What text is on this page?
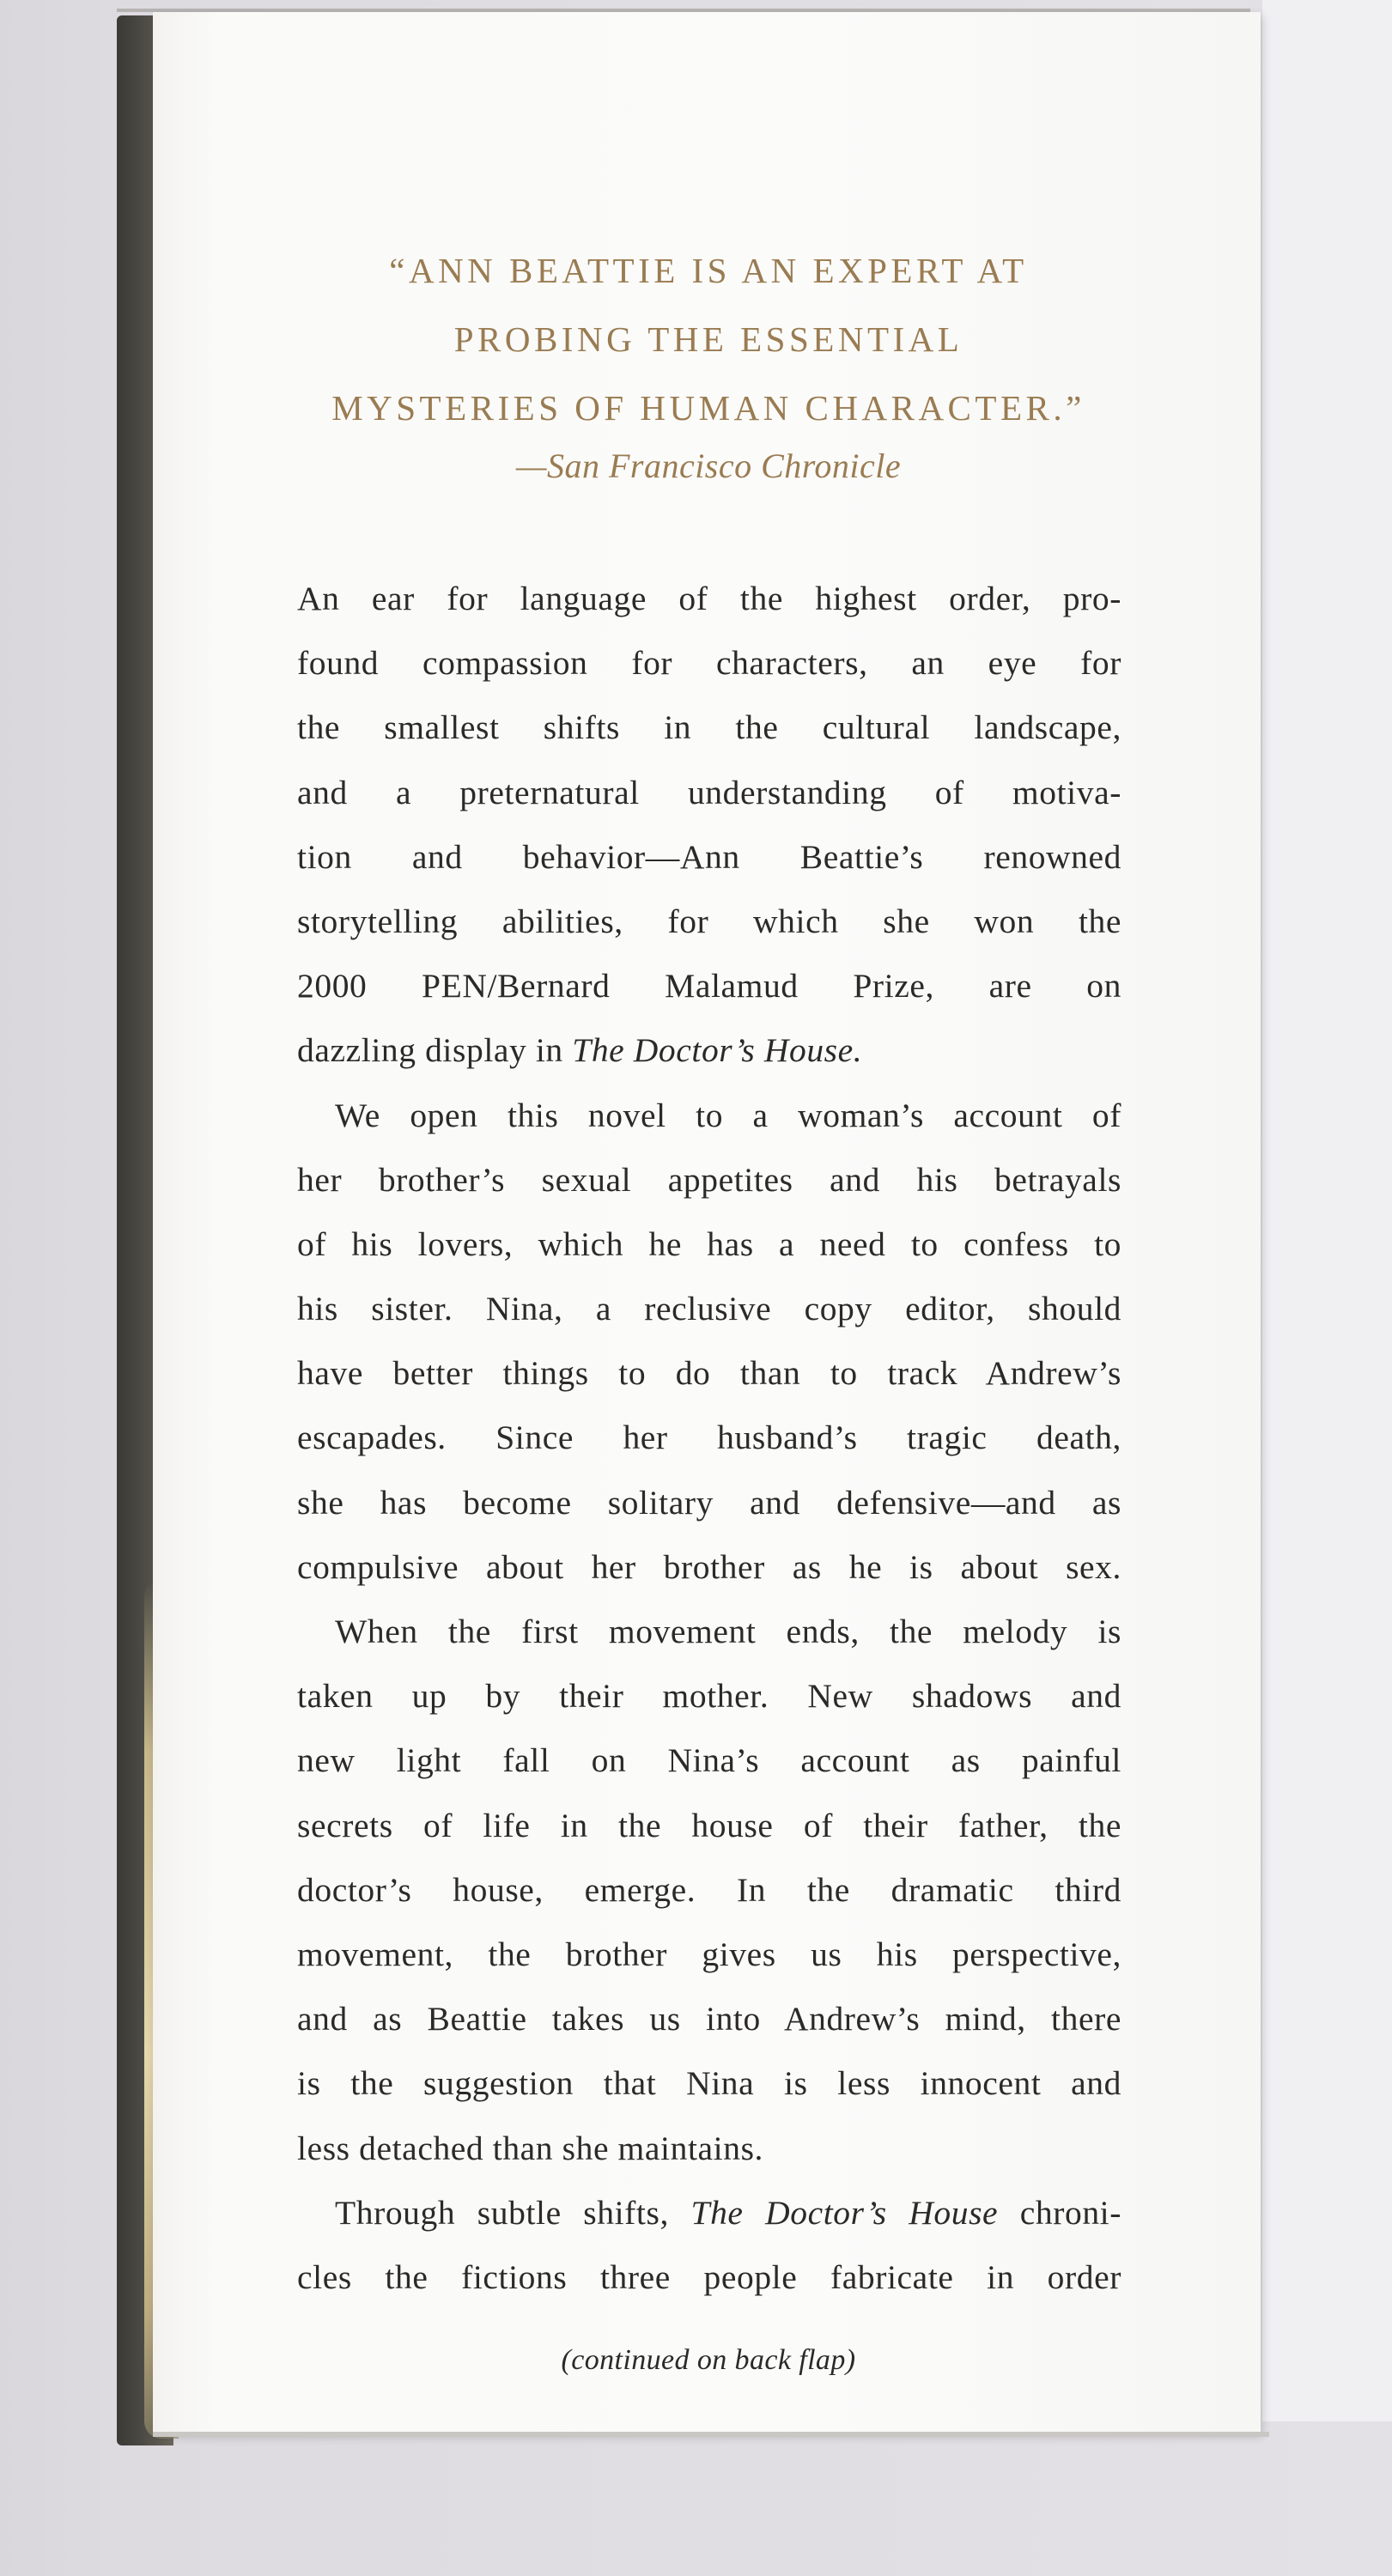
“ANN BEATTIE IS AN EXPERT AT
PROBING THE ESSENTIAL
MYSTERIES OF HUMAN CHARACTER.”
—San Francisco Chronicle
An ear for language of the highest order, pro-
found compassion for characters, an eye for
the smallest shifts in the cultural landscape,
and a preternatural understanding of motiva-
tion and behavior—Ann Beattie’s renowned
storytelling abilities, for which she won the
2000 PEN/Bernard Malamud Prize, are on
dazzling display in The Doctor’s House.
We open this novel to a woman’s account of
her brother’s sexual appetites and his betrayals
of his lovers, which he has a need to confess to
his sister. Nina, a reclusive copy editor, should
have better things to do than to track Andrew’s
escapades. Since her husband’s tragic death,
she has become solitary and defensive—and as
compulsive about her brother as he is about sex.
When the first movement ends, the melody is
taken up by their mother. New shadows and
new light fall on Nina’s account as painful
secrets of life in the house of their father, the
doctor’s house, emerge. In the dramatic third
movement, the brother gives us his perspective,
and as Beattie takes us into Andrew’s mind, there
is the suggestion that Nina is less innocent and
less detached than she maintains.
Through subtle shifts, The Doctor’s House chroni-
cles the fictions three people fabricate in order
(continued on back flap)
